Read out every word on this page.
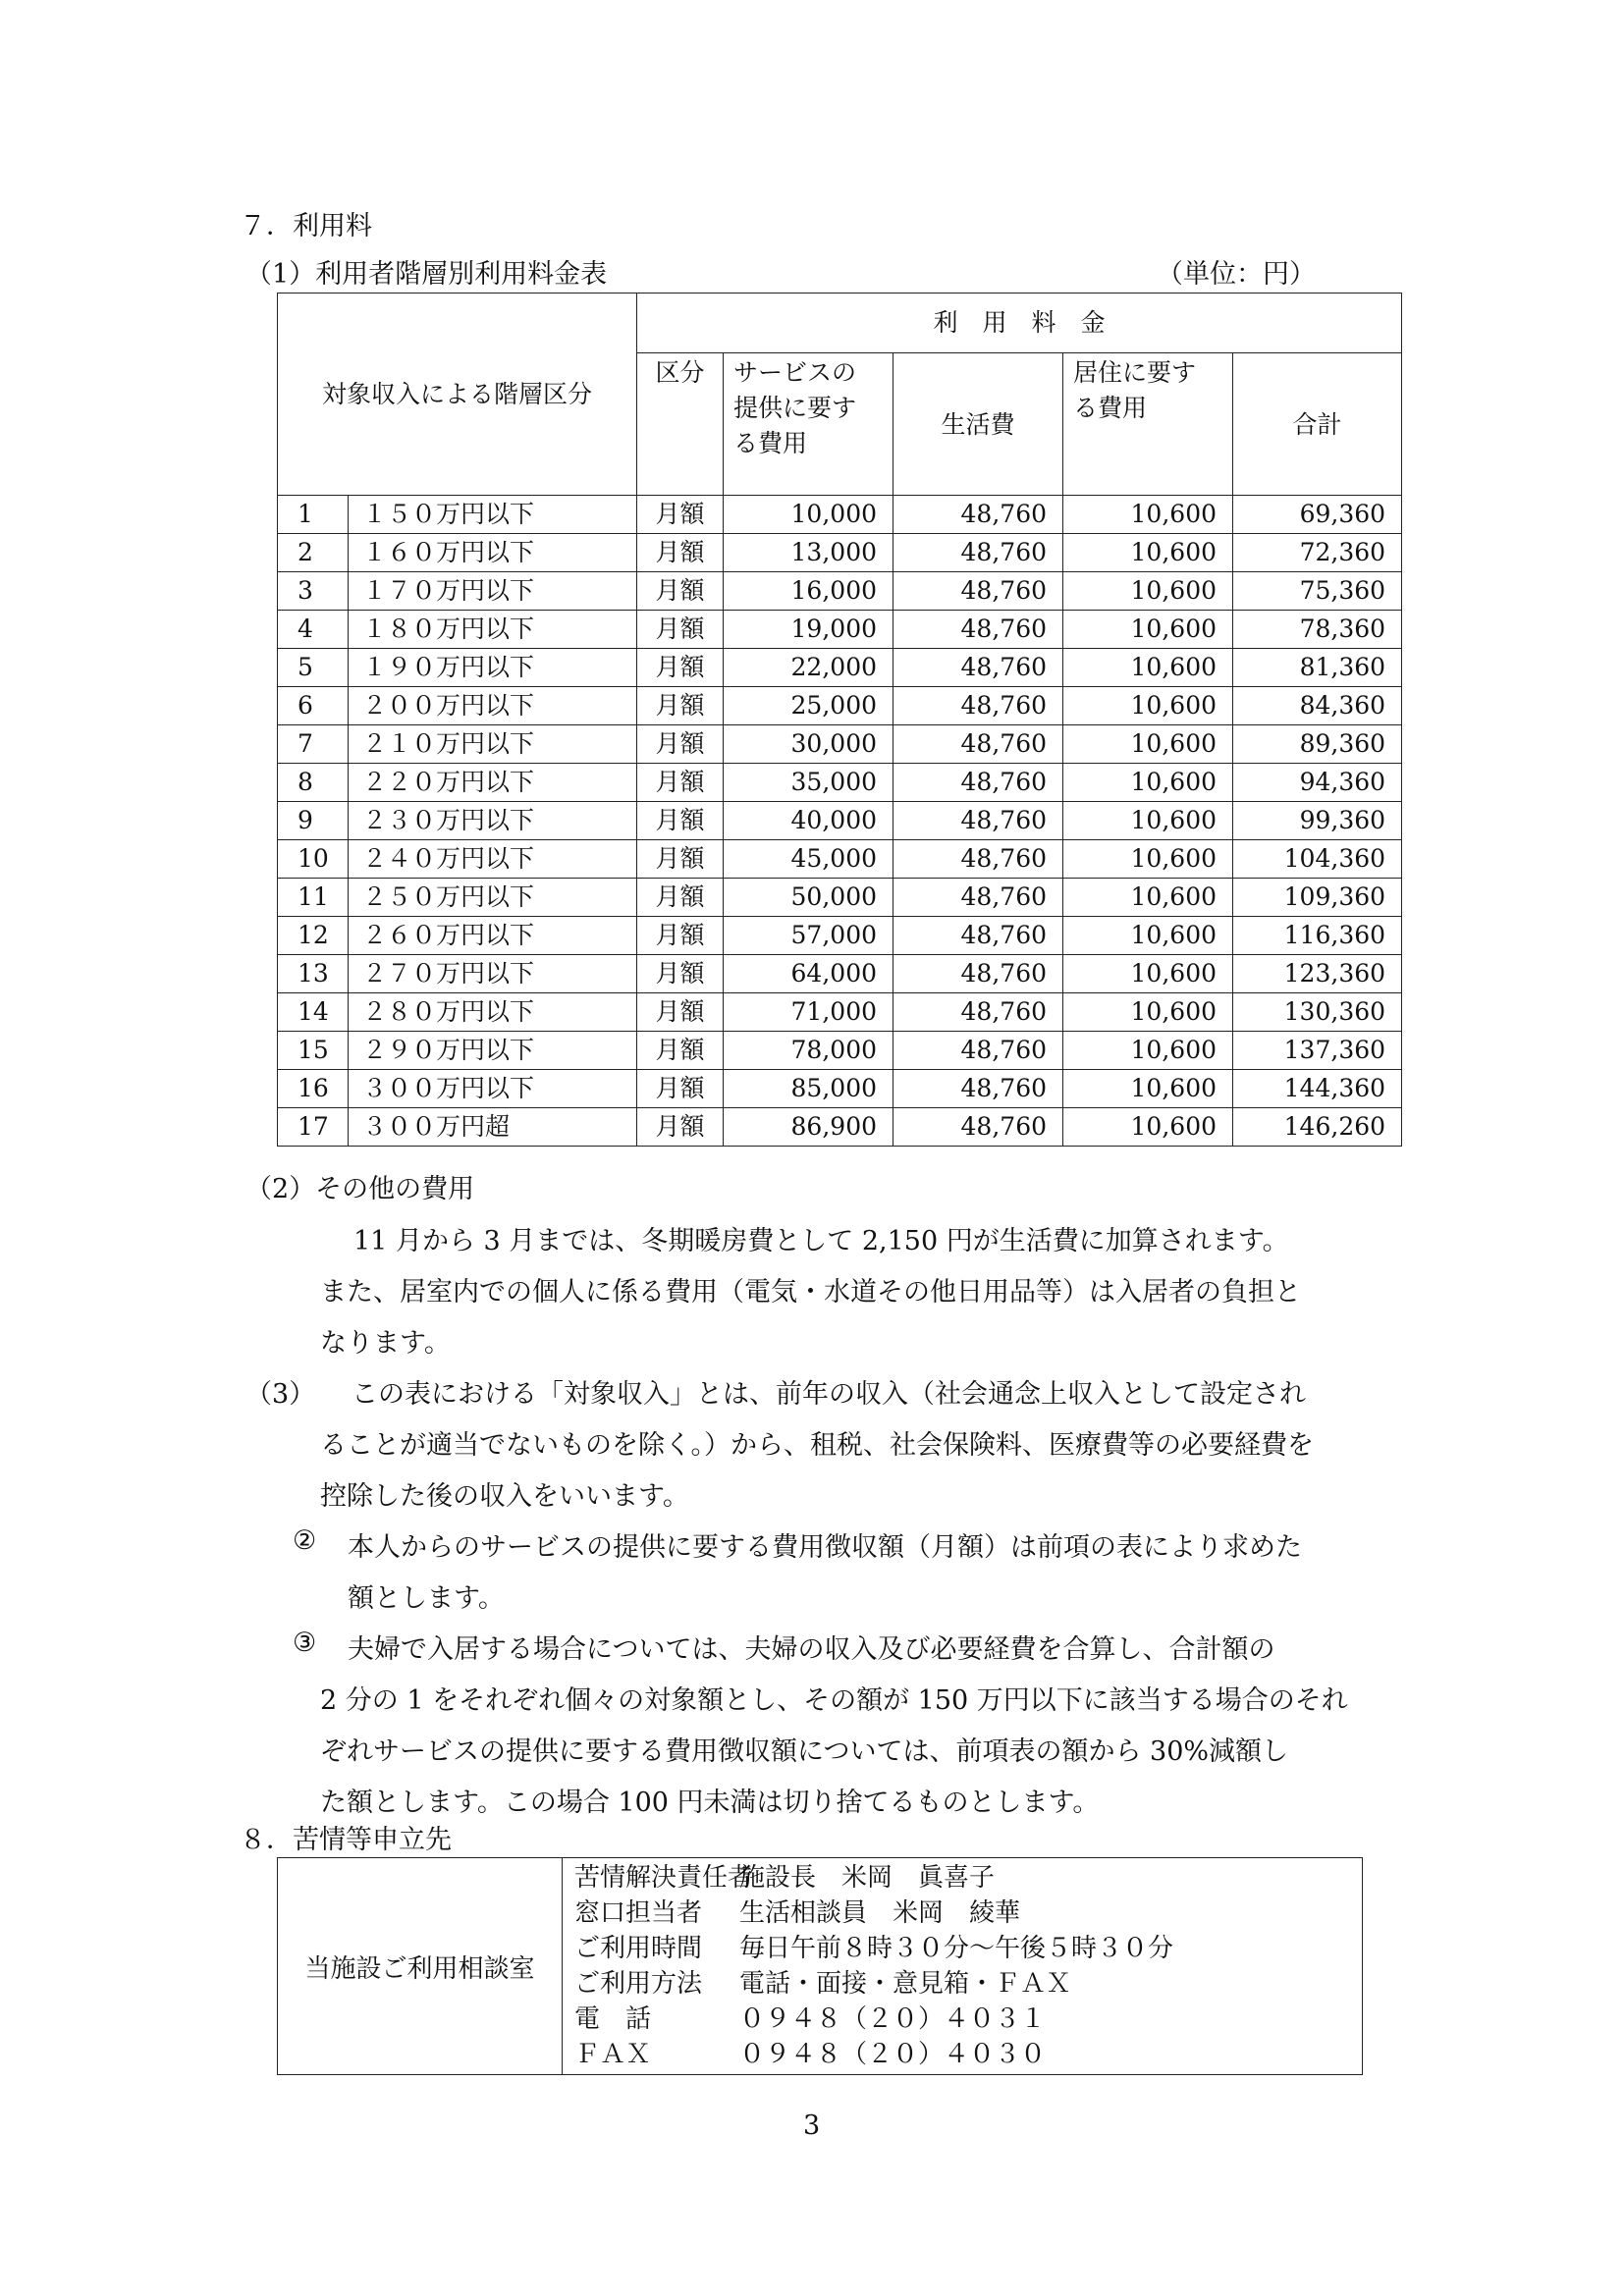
７．利用料
（1）利用者階層別利用料金表	（単位：円）
対象収入による階層区分		利　用　料　金				
		区分	サービスの
提供に要す
る費用	生活費	居住に要す
る費用	合計
1	１５０万円以下	月額	10,000	48,760	10,600	69,360
2	１６０万円以下	月額	13,000	48,760	10,600	72,360
3	１７０万円以下	月額	16,000	48,760	10,600	75,360
4	１８０万円以下	月額	19,000	48,760	10,600	78,360
5	１９０万円以下	月額	22,000	48,760	10,600	81,360
6	２００万円以下	月額	25,000	48,760	10,600	84,360
7	２１０万円以下	月額	30,000	48,760	10,600	89,360
8	２２０万円以下	月額	35,000	48,760	10,600	94,360
9	２３０万円以下	月額	40,000	48,760	10,600	99,360
10	２４０万円以下	月額	45,000	48,760	10,600	104,360
11	２５０万円以下	月額	50,000	48,760	10,600	109,360
12	２６０万円以下	月額	57,000	48,760	10,600	116,360
13	２７０万円以下	月額	64,000	48,760	10,600	123,360
14	２８０万円以下	月額	71,000	48,760	10,600	130,360
15	２９０万円以下	月額	78,000	48,760	10,600	137,360
16	３００万円以下	月額	85,000	48,760	10,600	144,360
17	３００万円超	月額	86,900	48,760	10,600	146,260
（2）その他の費用
11 月から 3 月までは、冬期暖房費として 2,150 円が生活費に加算されます。
また、居室内での個人に係る費用（電気・水道その他日用品等）は入居者の負担と
なります。
（3） この表における「対象収入」とは、前年の収入（社会通念上収入として設定され
ることが適当でないものを除く。）から、租税、社会保険料、医療費等の必要経費を
控除した後の収入をいいます。
② 本人からのサービスの提供に要する費用徴収額（月額）は前項の表により求めた
額とします。
③ 夫婦で入居する場合については、夫婦の収入及び必要経費を合算し、合計額の
2 分の 1 をそれぞれ個々の対象額とし、その額が 150 万円以下に該当する場合のそれ
ぞれサービスの提供に要する費用徴収額については、前項表の額から 30%減額し
た額とします。この場合 100 円未満は切り捨てるものとします。
８．苦情等申立先
当施設ご利用相談室	
苦情解決責任者施設長　米岡　眞喜子
窓口担当者 生活相談員　米岡　綾華
ご利用時間 毎日午前８時３０分～午後５時３０分
ご利用方法 電話・面接・意見箱・ＦＡＸ
電　話	０９４８（２０）４０３１
ＦＡＸ	０９４８（２０）４０３０
3
